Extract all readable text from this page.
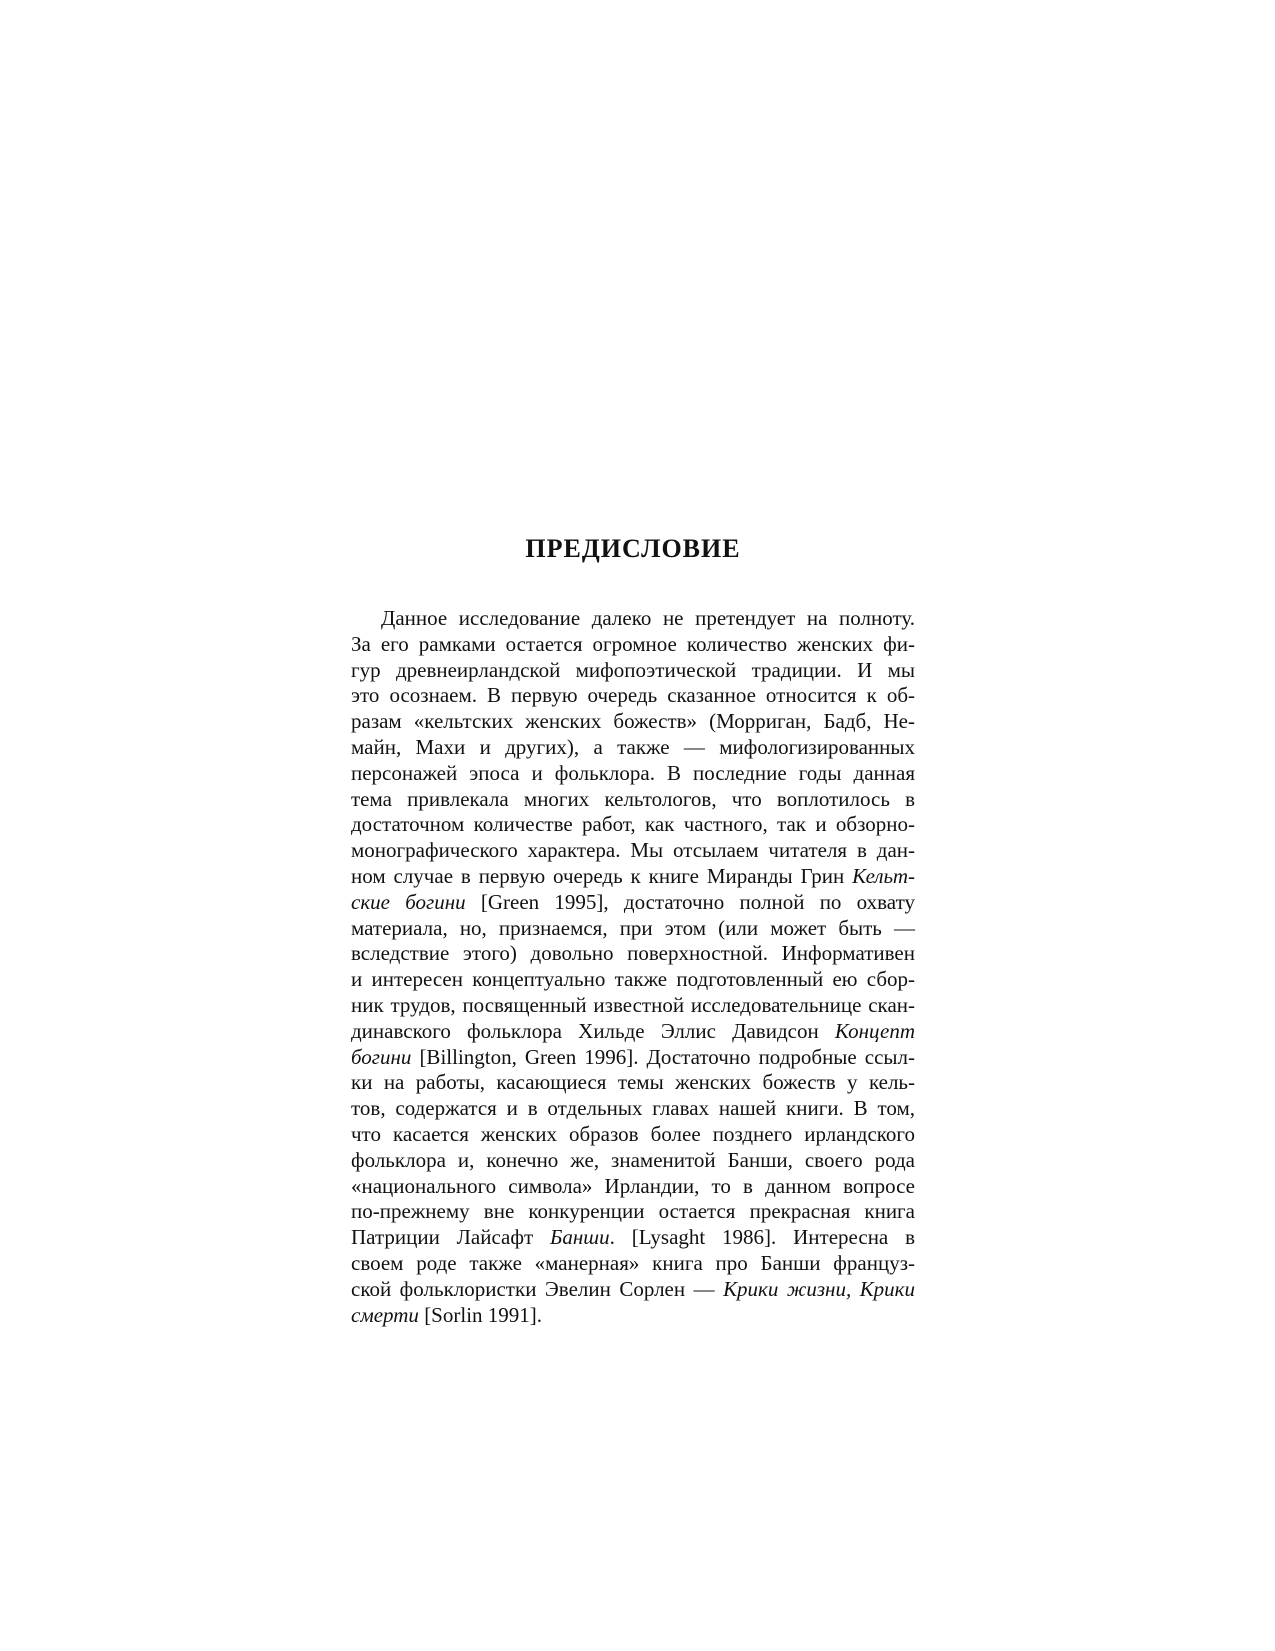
ПРЕДИСЛОВИЕ
Данное исследование далеко не претендует на полноту.
За его рамками остается огромное количество женских фи-
гур древнеирландской мифопоэтической традиции. И мы
это осознаем. В первую очередь сказанное относится к об-
разам «кельтских женских божеств» (Морриган, Бадб, Не-
майн, Махи и других), а также — мифологизированных
персонажей эпоса и фольклора. В последние годы данная
тема привлекала многих кельтологов, что воплотилось в
достаточном количестве работ, как частного, так и обзорно-
монографического характера. Мы отсылаем читателя в дан-
ном случае в первую очередь к книге Миранды Грин Кельт-
ские богини [Green 1995], достаточно полной по охвату
материала, но, признаемся, при этом (или может быть —
вследствие этого) довольно поверхностной. Информативен
и интересен концептуально также подготовленный ею сбор-
ник трудов, посвященный известной исследовательнице скан-
динавского фольклора Хильде Эллис Давидсон Концепт
богини [Billington, Green 1996]. Достаточно подробные ссыл-
ки на работы, касающиеся темы женских божеств у кель-
тов, содержатся и в отдельных главах нашей книги. В том,
что касается женских образов более позднего ирландского
фольклора и, конечно же, знаменитой Банши, своего рода
«национального символа» Ирландии, то в данном вопросе
по-прежнему вне конкуренции остается прекрасная книга
Патриции Лайсафт Банши. [Lysaght 1986]. Интересна в
своем роде также «манерная» книга про Банши француз-
ской фольклористки Эвелин Сорлен — Крики жизни, Крики
смерти [Sorlin 1991].
